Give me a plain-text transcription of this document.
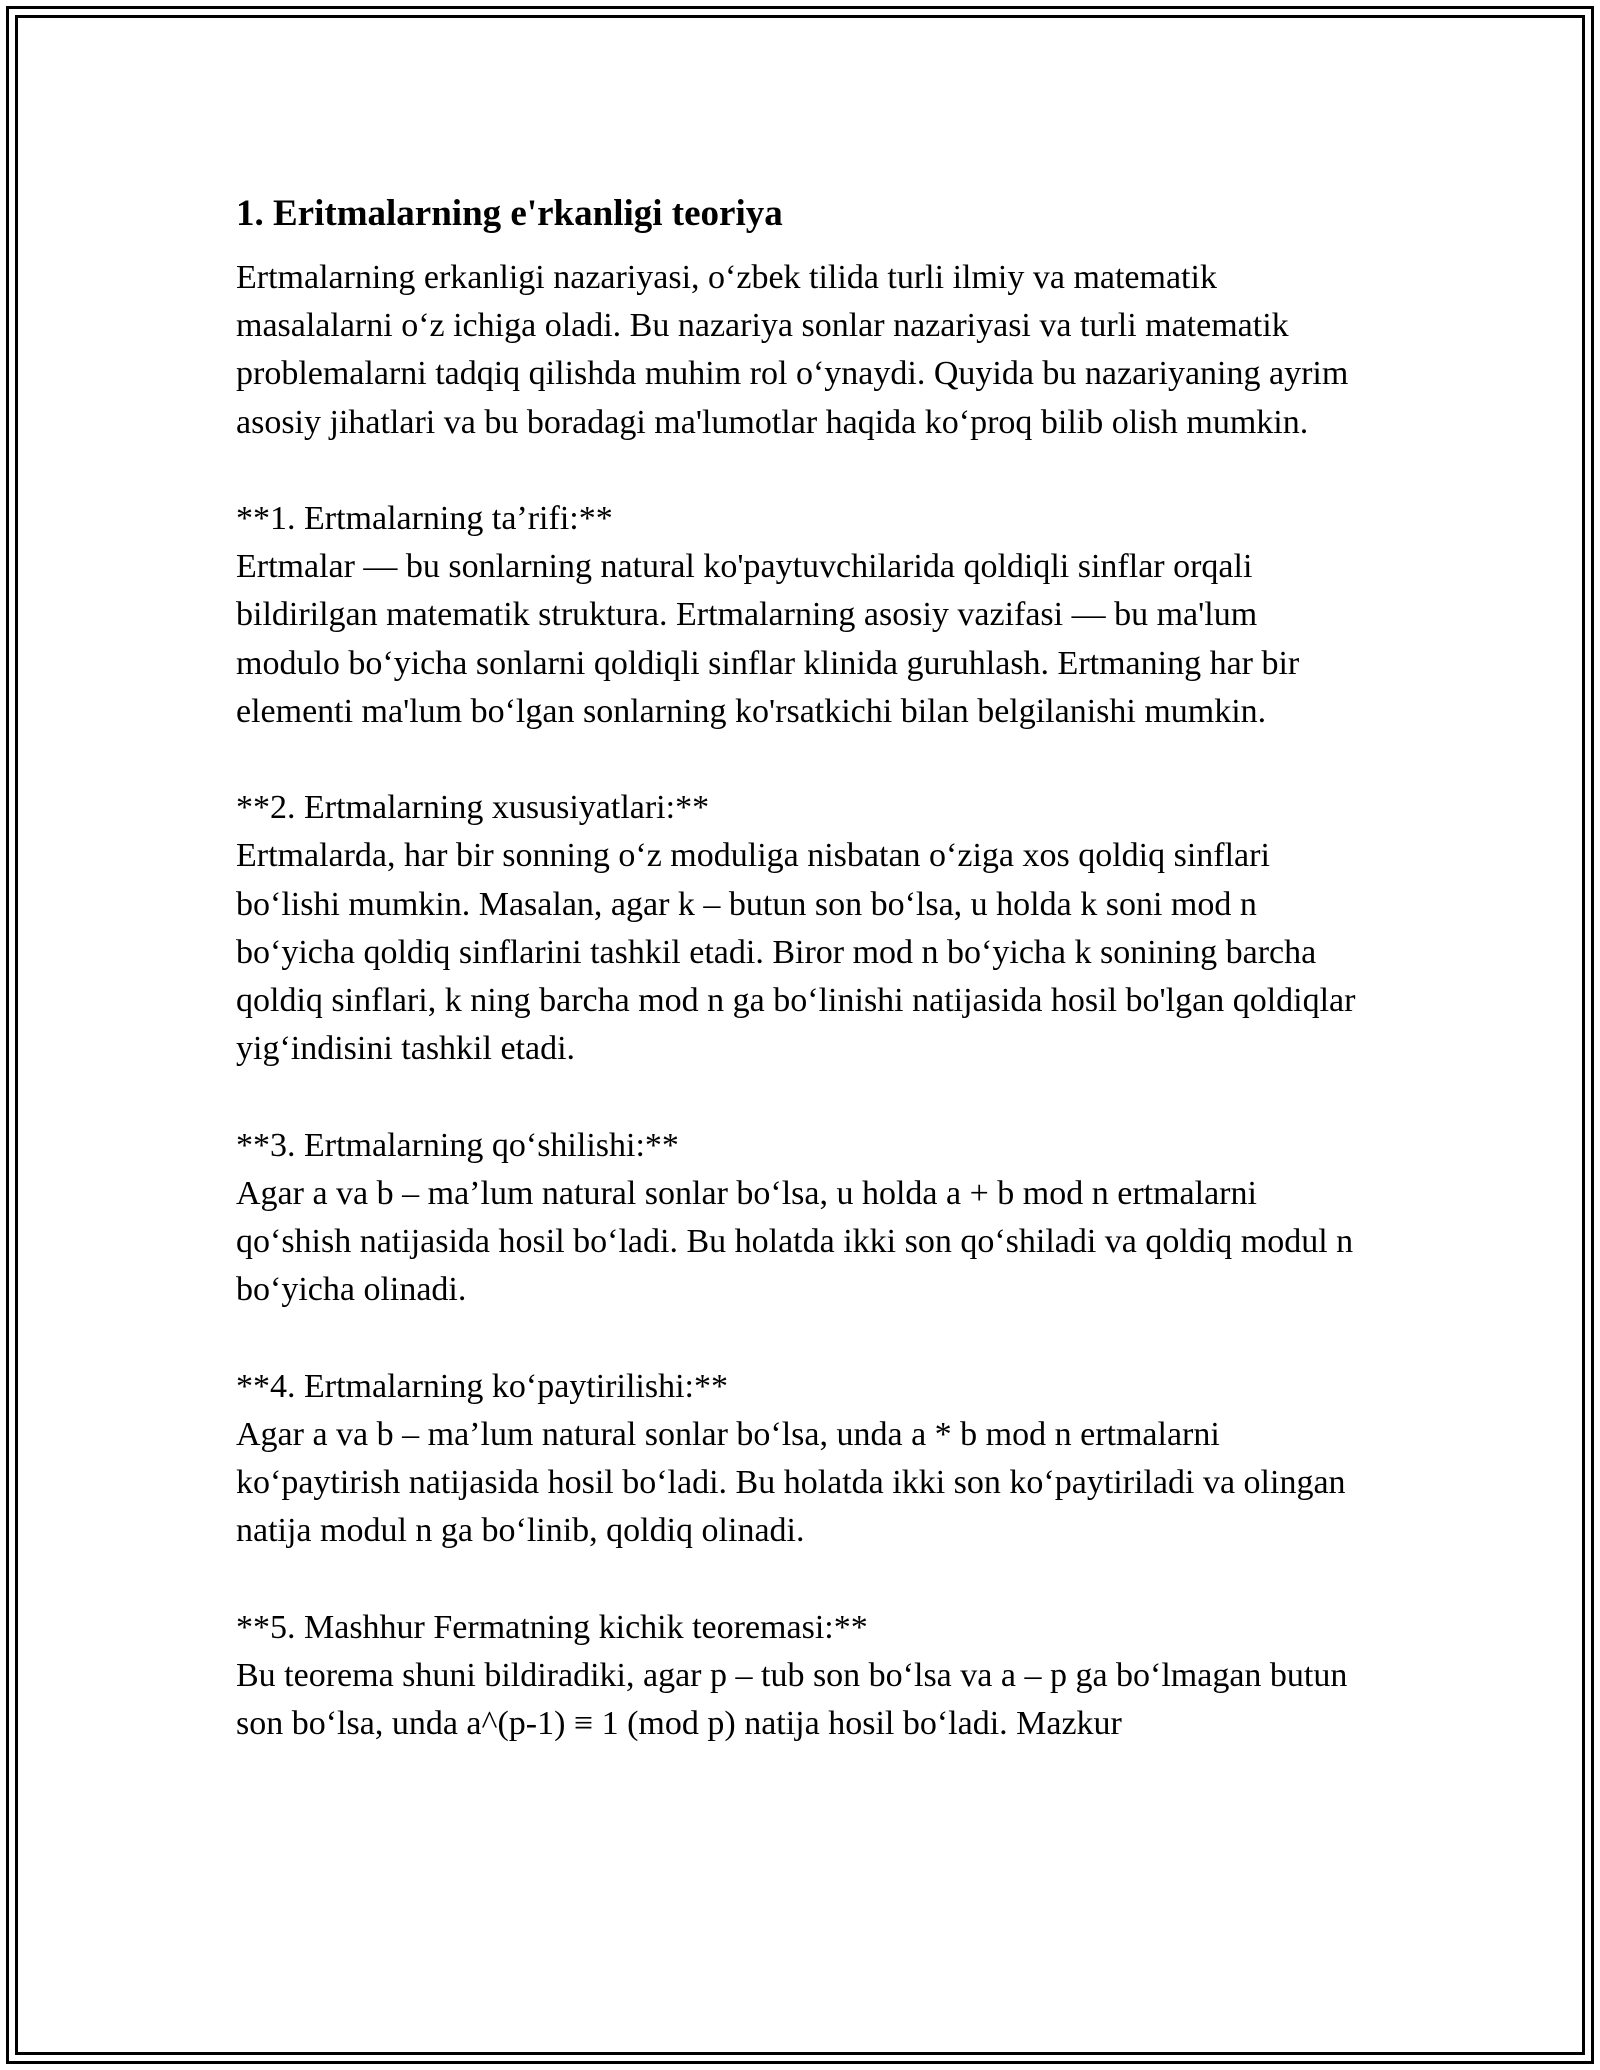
1. Eritmalarning e'rkanligi teoriya

Ertmalarning erkanligi nazariyasi, o‘zbek tilida turli ilmiy va matematik masalalarni o‘z ichiga oladi. Bu nazariya sonlar nazariyasi va turli matematik problemalarni tadqiq qilishda muhim rol o‘ynaydi. Quyida bu nazariyaning ayrim asosiy jihatlari va bu boradagi ma'lumotlar haqida ko‘proq bilib olish mumkin.

**1. Ertmalarning ta’rifi:**

Ertmalar — bu sonlarning natural ko'paytuvchilarida qoldiqli sinflar orqali bildirilgan matematik struktura. Ertmalarning asosiy vazifasi — bu ma'lum modulo bo‘yicha sonlarni qoldiqli sinflar klinida guruhlash. Ertmaning har bir elementi ma'lum bo‘lgan sonlarning ko'rsatkichi bilan belgilanishi mumkin.

**2. Ertmalarning xususiyatlari:**

Ertmalarda, har bir sonning o‘z moduliga nisbatan o‘ziga xos qoldiq sinflari bo‘lishi mumkin. Masalan, agar k – butun son bo‘lsa, u holda k soni mod n bo‘yicha qoldiq sinflarini tashkil etadi. Biror mod n bo‘yicha k sonining barcha qoldiq sinflari, k ning barcha mod n ga bo‘linishi natijasida hosil bo'lgan qoldiqlar yig‘indisini tashkil etadi.

**3. Ertmalarning qo‘shilishi:**

Agar a va b – ma’lum natural sonlar bo‘lsa, u holda a + b mod n ertmalarni qo‘shish natijasida hosil bo‘ladi. Bu holatda ikki son qo‘shiladi va qoldiq modul n bo‘yicha olinadi.

**4. Ertmalarning ko‘paytirilishi:**

Agar a va b – ma’lum natural sonlar bo‘lsa, unda a * b mod n ertmalarni ko‘paytirish natijasida hosil bo‘ladi. Bu holatda ikki son ko‘paytiriladi va olingan natija modul n ga bo‘linib, qoldiq olinadi.

**5. Mashhur Fermatning kichik teoremasi:**

Bu teorema shuni bildiradiki, agar p – tub son bo‘lsa va a – p ga bo‘lmagan butun son bo‘lsa, unda a^(p-1) ≡ 1 (mod p) natija hosil bo‘ladi. Mazkur
